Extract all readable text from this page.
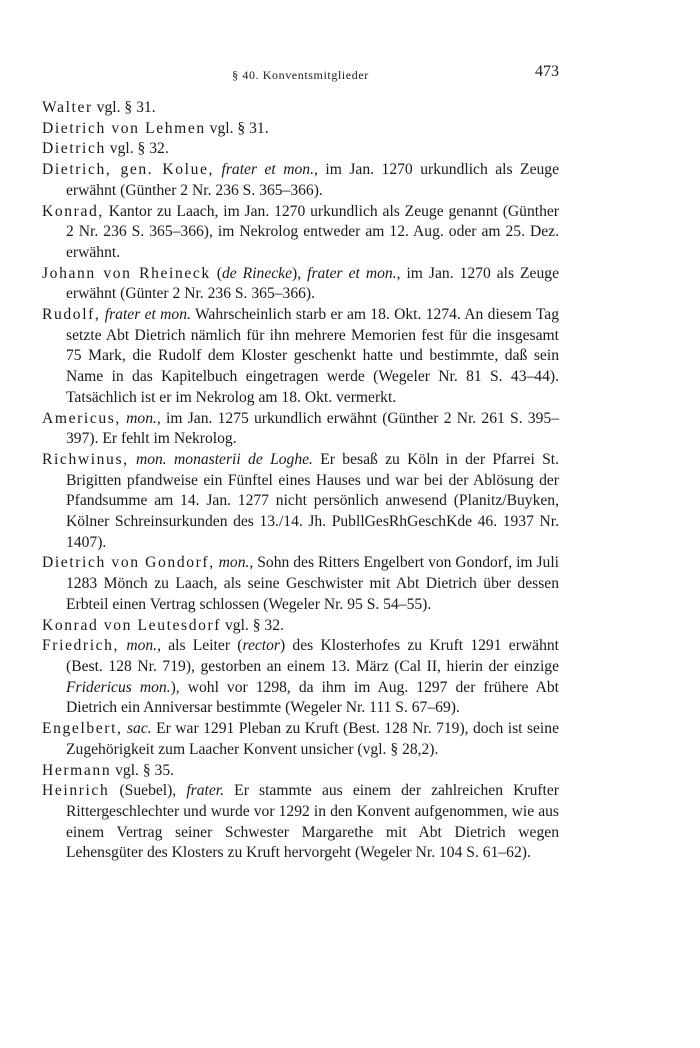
§ 40. Konventsmitglieder	473

Walter vgl. § 31.

Dietrich von Lehmen vgl. § 31.

Dietrich vgl. § 32.

Dietrich, gen. Kolue, frater et mon., im Jan. 1270 urkundlich als Zeuge erwähnt (Günther 2 Nr. 236 S. 365–366).

Konrad, Kantor zu Laach, im Jan. 1270 urkundlich als Zeuge genannt (Günther 2 Nr. 236 S. 365–366), im Nekrolog entweder am 12. Aug. oder am 25. Dez. erwähnt.

Johann von Rheineck (de Rinecke), frater et mon., im Jan. 1270 als Zeuge erwähnt (Günter 2 Nr. 236 S. 365–366).

Rudolf, frater et mon. Wahrscheinlich starb er am 18. Okt. 1274. An diesem Tag setzte Abt Dietrich nämlich für ihn mehrere Memorien fest für die insgesamt 75 Mark, die Rudolf dem Kloster geschenkt hatte und bestimmte, daß sein Name in das Kapitelbuch eingetragen werde (Wegeler Nr. 81 S. 43–44). Tatsächlich ist er im Nekrolog am 18. Okt. vermerkt.

Americus, mon., im Jan. 1275 urkundlich erwähnt (Günther 2 Nr. 261 S. 395–397). Er fehlt im Nekrolog.

Richwinus, mon. monasterii de Loghe. Er besaß zu Köln in der Pfarrei St. Brigitten pfandweise ein Fünftel eines Hauses und war bei der Ablösung der Pfandsumme am 14. Jan. 1277 nicht persönlich anwesend (Planitz/Buyken, Kölner Schreinsurkunden des 13./14. Jh. PubllGesRhGeschKde 46. 1937 Nr. 1407).

Dietrich von Gondorf, mon., Sohn des Ritters Engelbert von Gondorf, im Juli 1283 Mönch zu Laach, als seine Geschwister mit Abt Dietrich über dessen Erbteil einen Vertrag schlossen (Wegeler Nr. 95 S. 54–55).

Konrad von Leutesdorf vgl. § 32.

Friedrich, mon., als Leiter (rector) des Klosterhofes zu Kruft 1291 erwähnt (Best. 128 Nr. 719), gestorben an einem 13. März (Cal II, hierin der einzige Fridericus mon.), wohl vor 1298, da ihm im Aug. 1297 der frühere Abt Dietrich ein Anniversar bestimmte (Wegeler Nr. 111 S. 67–69).

Engelbert, sac. Er war 1291 Pleban zu Kruft (Best. 128 Nr. 719), doch ist seine Zugehörigkeit zum Laacher Konvent unsicher (vgl. § 28,2).

Hermann vgl. § 35.

Heinrich (Suebel), frater. Er stammte aus einem der zahlreichen Krufter Rittergeschlechter und wurde vor 1292 in den Konvent aufgenommen, wie aus einem Vertrag seiner Schwester Margarethe mit Abt Dietrich wegen Lehensgüter des Klosters zu Kruft hervorgeht (Wegeler Nr. 104 S. 61–62).
